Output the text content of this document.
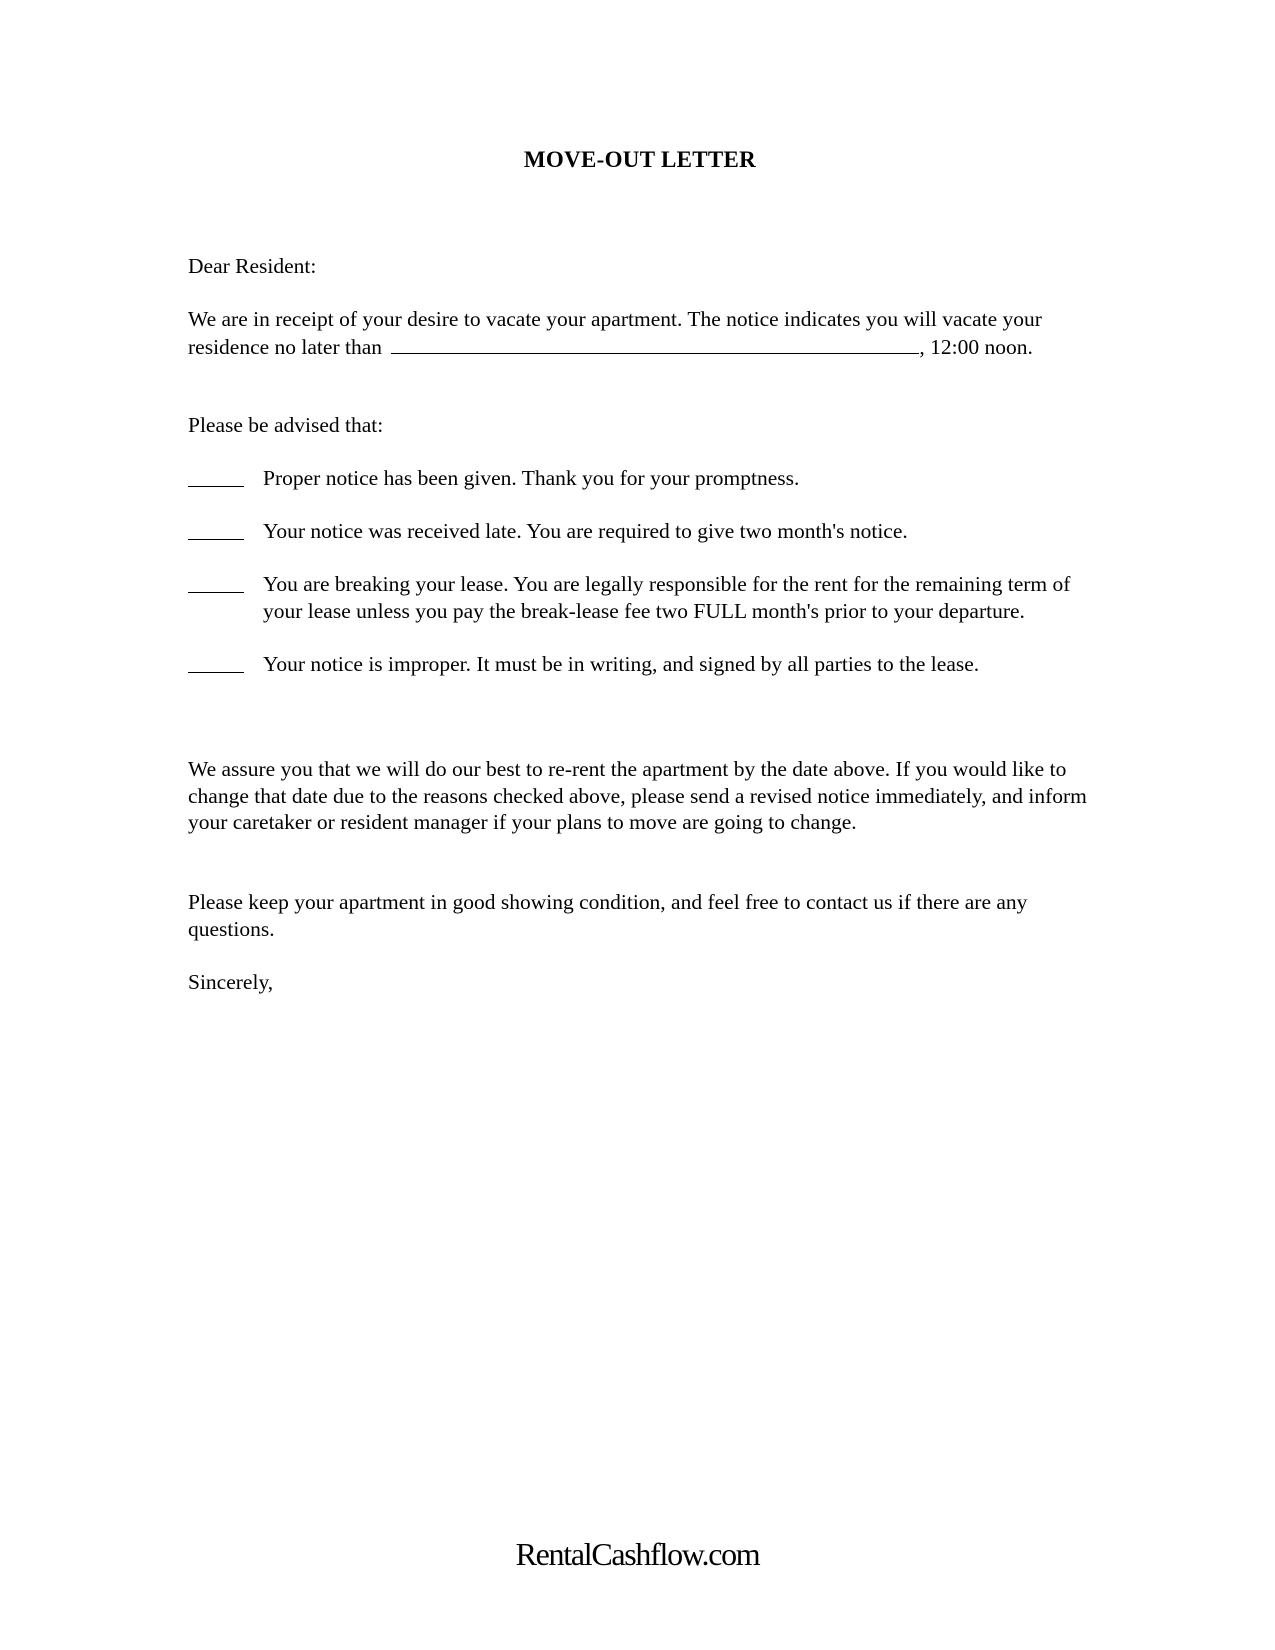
MOVE-OUT LETTER
Dear Resident:
We are in receipt of your desire to vacate your apartment. The notice indicates you will vacate your residence no later than	, 12:00 noon.
Please be advised that:
Proper notice has been given. Thank you for your promptness.
Your notice was received late. You are required to give two month's notice.
You are breaking your lease. You are legally responsible for the rent for the remaining term of your lease unless you pay the break-lease fee two FULL month's prior to your departure.
Your notice is improper. It must be in writing, and signed by all parties to the lease.
We assure you that we will do our best to re-rent the apartment by the date above. If you would like to change that date due to the reasons checked above, please send a revised notice immediately, and inform your caretaker or resident manager if your plans to move are going to change.
Please keep your apartment in good showing condition, and feel free to contact us if there are any questions.
Sincerely,
RentalCashflow.com
